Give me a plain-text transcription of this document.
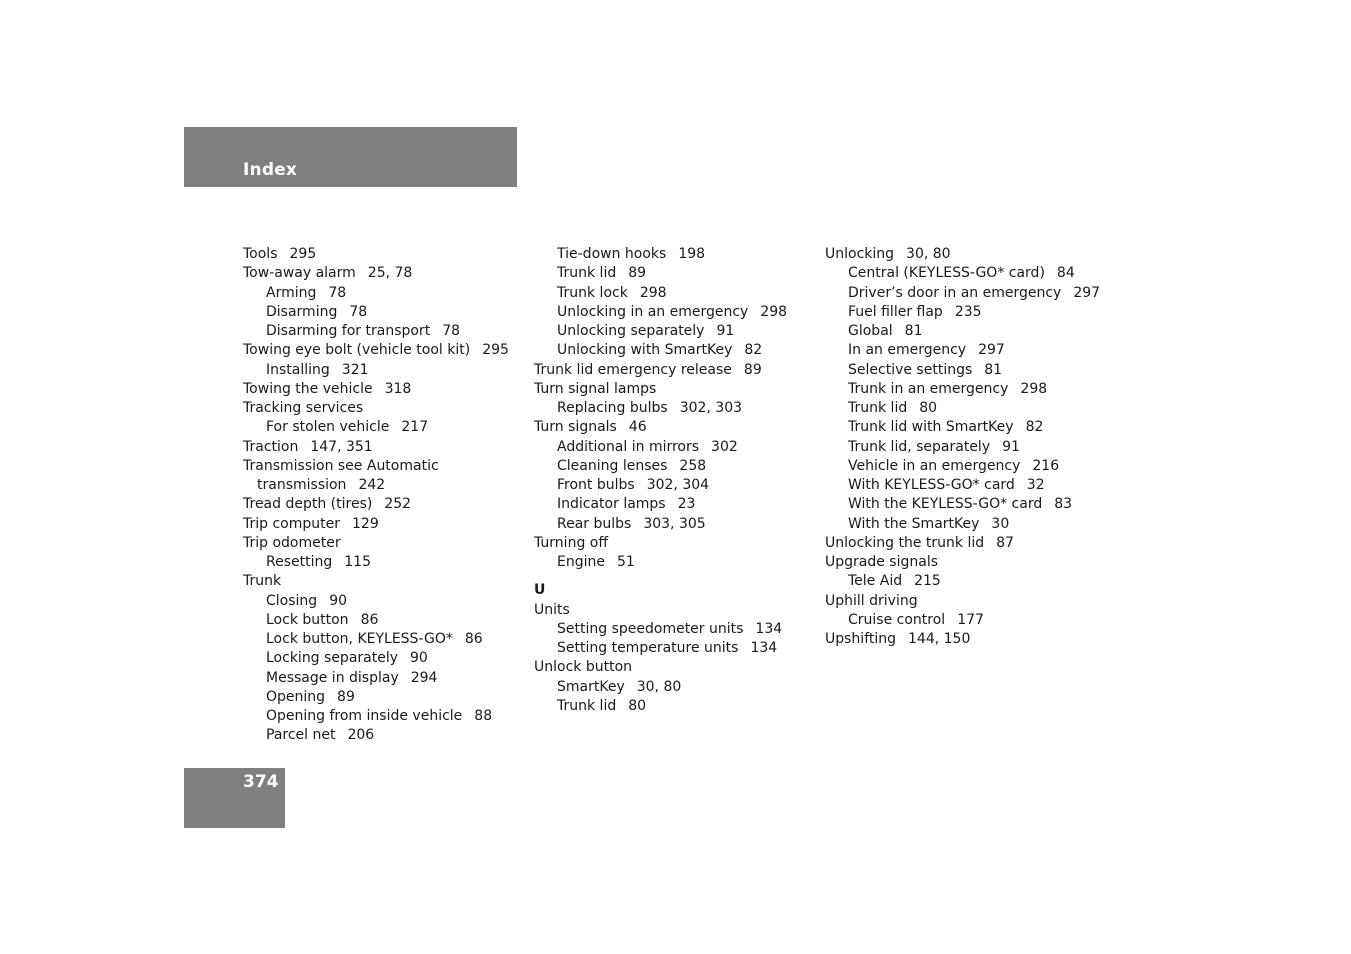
Index
Tools 295
Tow-away alarm 25, 78
Arming 78
Disarming 78
Disarming for transport 78
Towing eye bolt (vehicle tool kit) 295
Installing 321
Towing the vehicle 318
Tracking services
For stolen vehicle 217
Traction 147, 351
Transmission see Automatic
transmission 242
Tread depth (tires) 252
Trip computer 129
Trip odometer
Resetting 115
Trunk
Closing 90
Lock button 86
Lock button, KEYLESS-GO* 86
Locking separately 90
Message in display 294
Opening 89
Opening from inside vehicle 88
Parcel net 206
Tie-down hooks 198
Trunk lid 89
Trunk lock 298
Unlocking in an emergency 298
Unlocking separately 91
Unlocking with SmartKey 82
Trunk lid emergency release 89
Turn signal lamps
Replacing bulbs 302, 303
Turn signals 46
Additional in mirrors 302
Cleaning lenses 258
Front bulbs 302, 304
Indicator lamps 23
Rear bulbs 303, 305
Turning off
Engine 51
U
Units
Setting speedometer units 134
Setting temperature units 134
Unlock button
SmartKey 30, 80
Trunk lid 80
Unlocking 30, 80
Central (KEYLESS-GO* card) 84
Driver’s door in an emergency 297
Fuel filler flap 235
Global 81
In an emergency 297
Selective settings 81
Trunk in an emergency 298
Trunk lid 80
Trunk lid with SmartKey 82
Trunk lid, separately 91
Vehicle in an emergency 216
With KEYLESS-GO* card 32
With the KEYLESS-GO* card 83
With the SmartKey 30
Unlocking the trunk lid 87
Upgrade signals
Tele Aid 215
Uphill driving
Cruise control 177
Upshifting 144, 150
374
